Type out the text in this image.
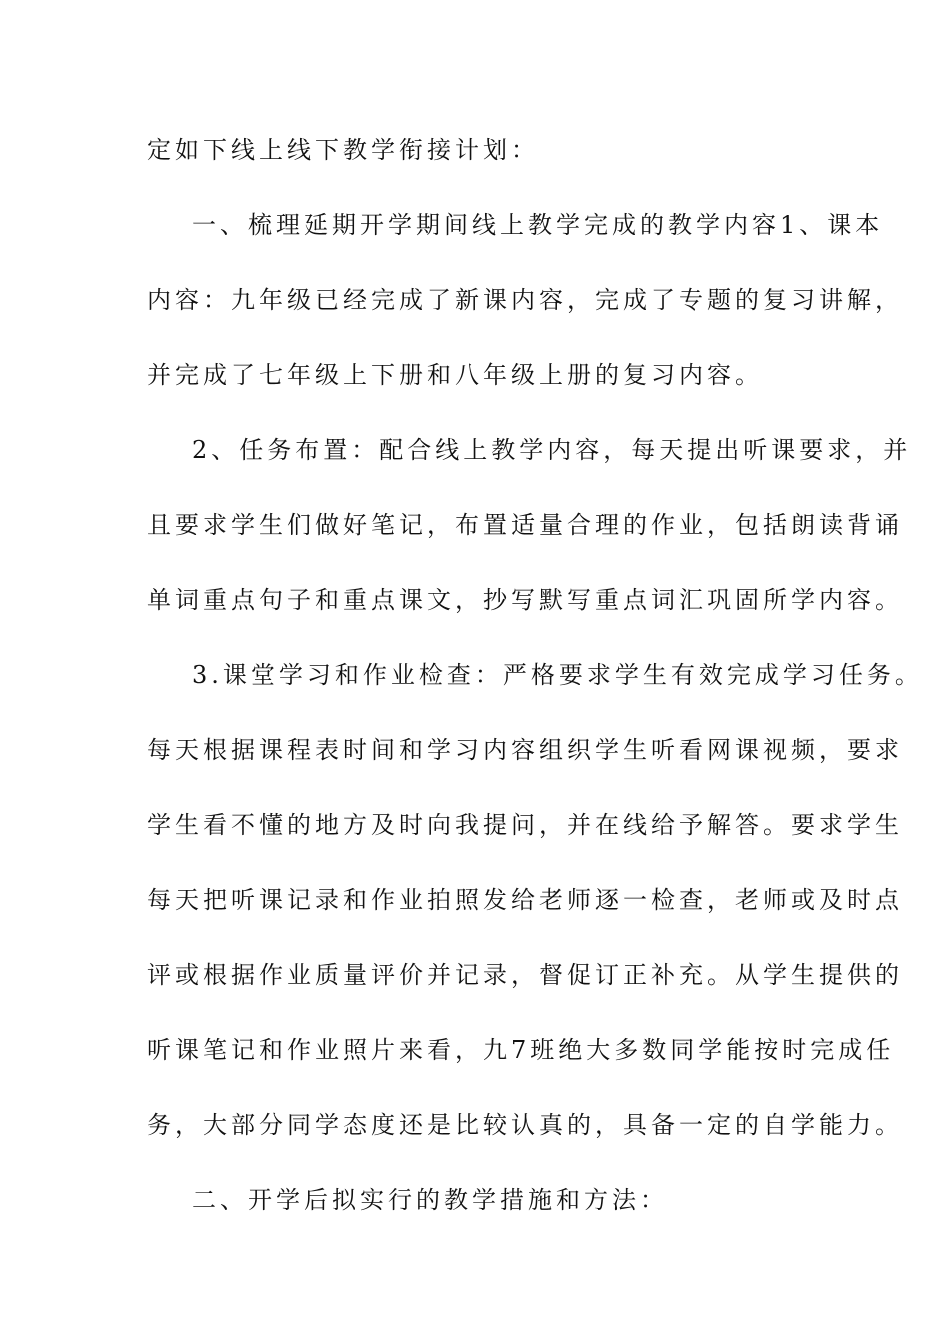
定如下线上线下教学衔接计划：
一、梳理延期开学期间线上教学完成的教学内容1、课本
内容：九年级已经完成了新课内容，完成了专题的复习讲解，
并完成了七年级上下册和八年级上册的复习内容。
2、任务布置：配合线上教学内容，每天提出听课要求，并
且要求学生们做好笔记，布置适量合理的作业，包括朗读背诵
单词重点句子和重点课文，抄写默写重点词汇巩固所学内容。
3.课堂学习和作业检查：严格要求学生有效完成学习任务。
每天根据课程表时间和学习内容组织学生听看网课视频，要求
学生看不懂的地方及时向我提问，并在线给予解答。要求学生
每天把听课记录和作业拍照发给老师逐一检查，老师或及时点
评或根据作业质量评价并记录，督促订正补充。从学生提供的
听课笔记和作业照片来看，九7班绝大多数同学能按时完成任
务，大部分同学态度还是比较认真的，具备一定的自学能力。
二、开学后拟实行的教学措施和方法：
